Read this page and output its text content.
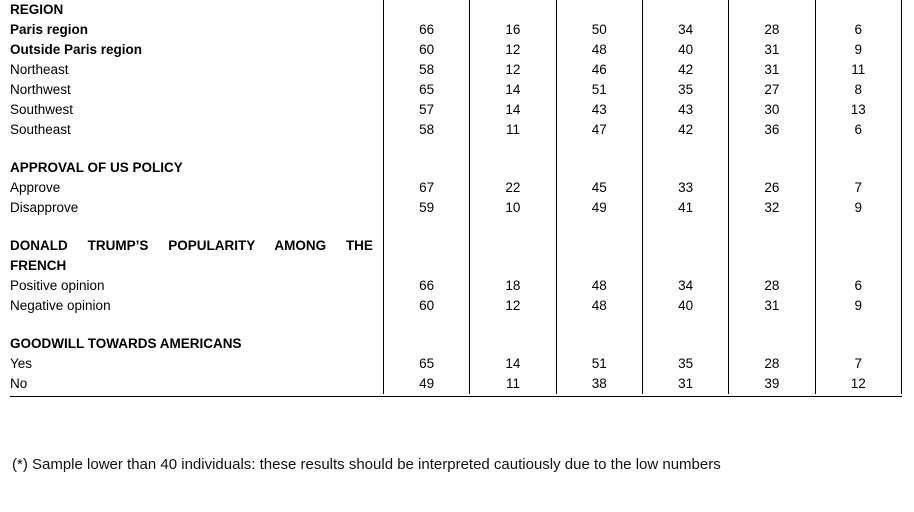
REGION						

Paris region	66	16	50	34	28	6
Outside Paris region	60	12	48	40	31	9
Northeast	58	12	46	42	31	11
Northwest	65	14	51	35	27	8
Southwest	57	14	43	43	30	13
Southeast	58	11	47	42	36	6

APPROVAL OF US POLICY						

Approve	67	22	45	33	26	7
Disapprove	59	10	49	41	32	9

DONALD TRUMP’S POPULARITY AMONG THE						

FRENCH						

Positive opinion	66	18	48	34	28	6
Negative opinion	60	12	48	40	31	9

GOODWILL TOWARDS AMERICANS						

Yes	65	14	51	35	28	7
No	49	11	38	31	39	12

(*) Sample lower than 40 individuals: these results should be interpreted cautiously due to the low numbers
